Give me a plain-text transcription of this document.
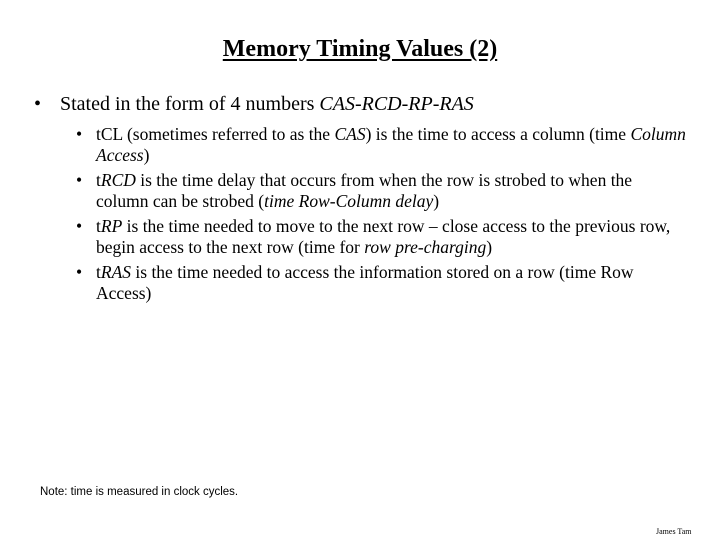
Memory Timing Values (2)
• Stated in the form of 4 numbers CAS-RCD-RP-RAS
• tCL (sometimes referred to as the CAS) is the time to access a column (time Column Access)
• tRCD is the time delay that occurs from when the row is strobed to when the column can be strobed (time Row-Column delay)
• tRP is the time needed to move to the next row – close access to the previous row, begin access to the next row (time for row pre-charging)
• tRAS is the time needed to access the information stored on a row (time Row Access)
Note: time is measured in clock cycles.
James Tam
